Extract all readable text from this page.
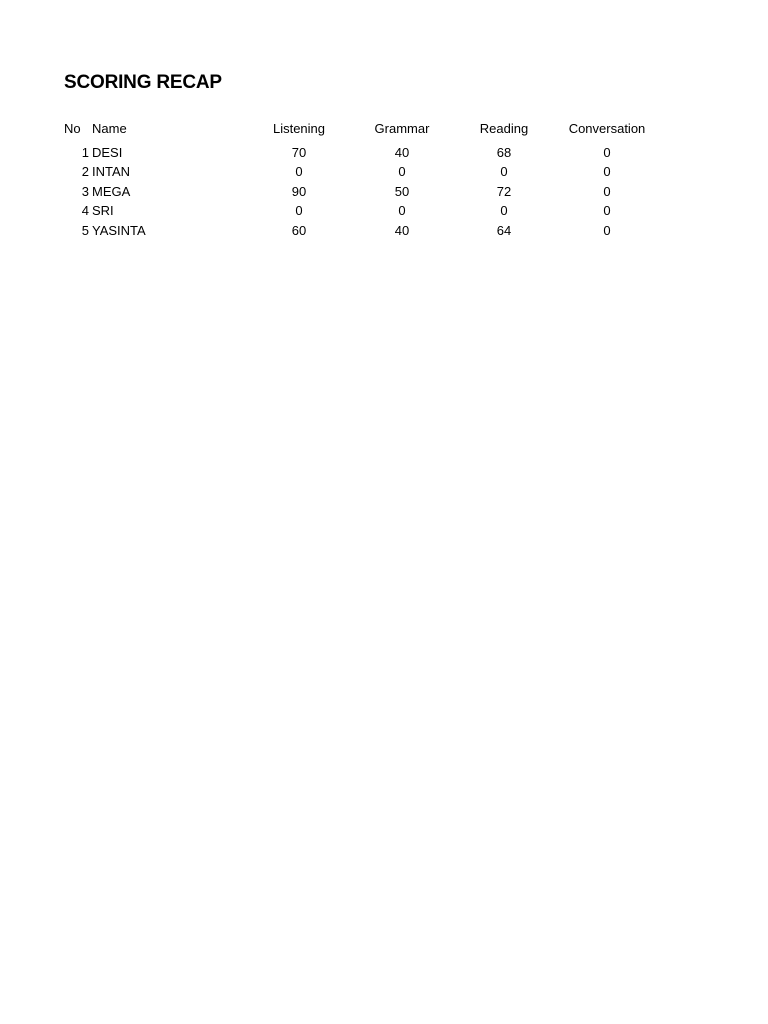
SCORING RECAP
No Name	Listening	Grammar	Reading	Conversation
1 DESI	70	40	68	0
2 INTAN	0	0	0	0
3 MEGA	90	50	72	0
4 SRI	0	0	0	0
5 YASINTA	60	40	64	0
